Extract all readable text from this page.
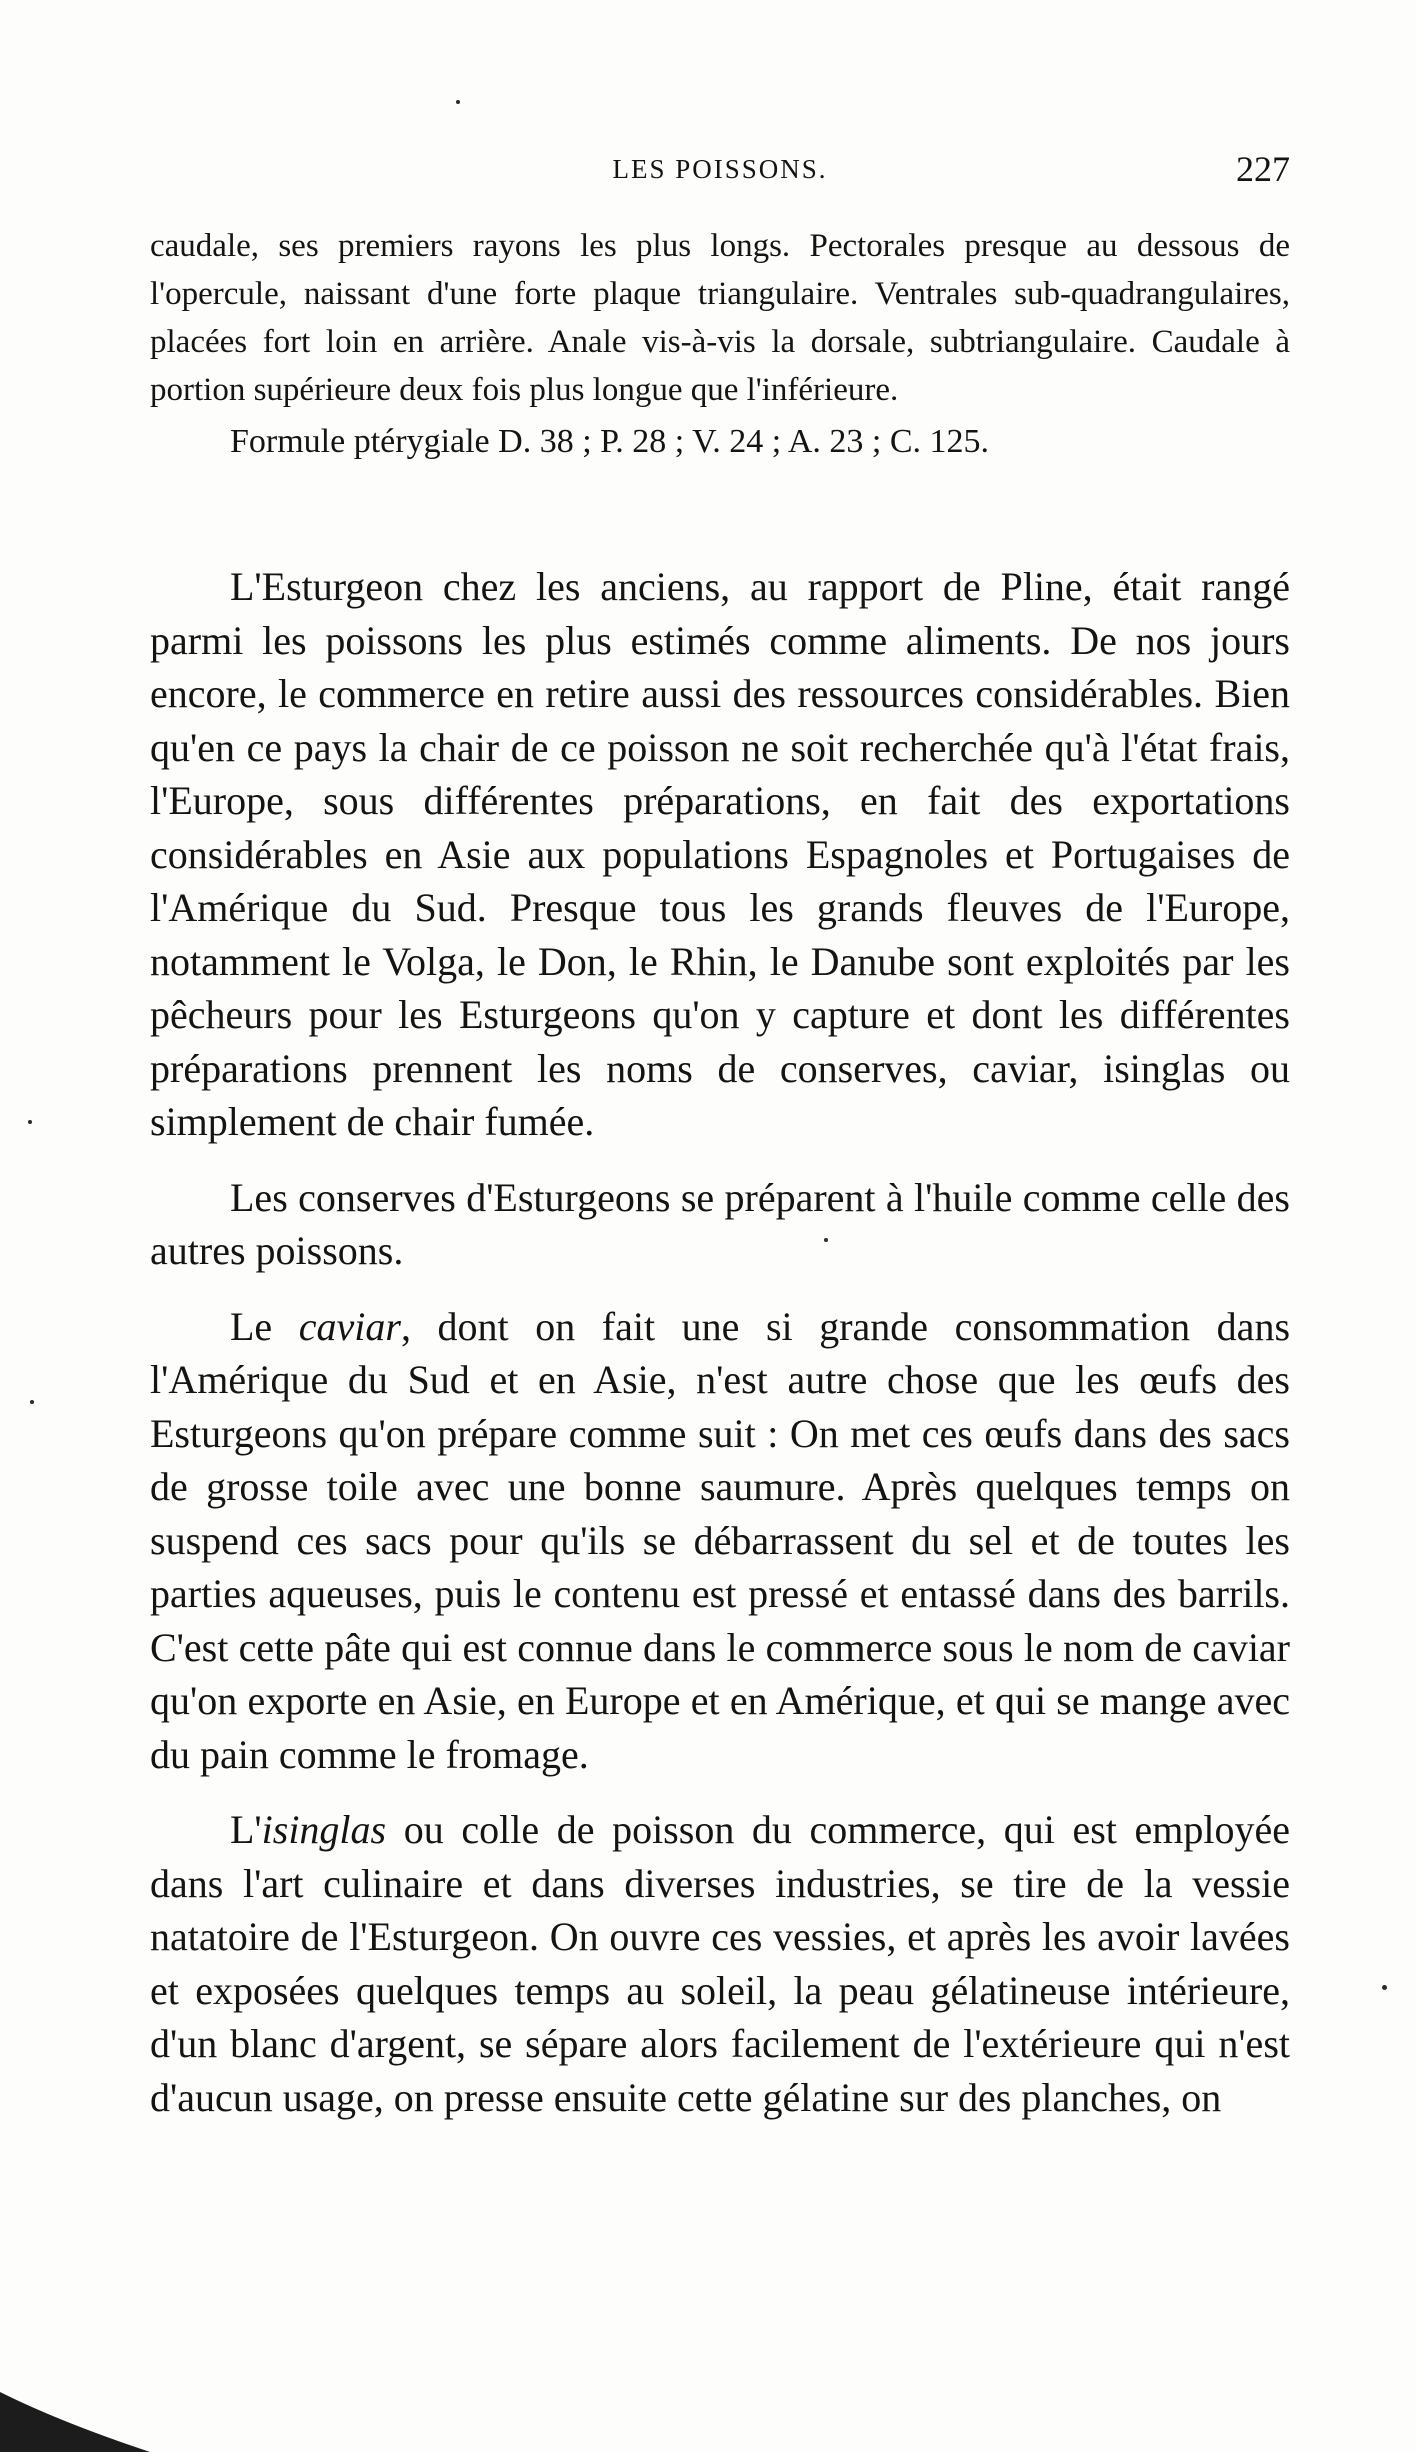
LES POISSONS.	227

caudale, ses premiers rayons les plus longs. Pectorales presque au dessous de l'opercule, naissant d'une forte plaque triangulaire. Ventrales sub-quadrangulaires, placées fort loin en arrière. Anale vis-à-vis la dorsale, subtriangulaire. Caudale à portion supérieure deux fois plus longue que l'inférieure.

Formule ptérygiale D. 38 ; P. 28 ; V. 24 ; A. 23 ; C. 125.

L'Esturgeon chez les anciens, au rapport de Pline, était rangé parmi les poissons les plus estimés comme aliments. De nos jours encore, le commerce en retire aussi des ressources considérables. Bien qu'en ce pays la chair de ce poisson ne soit recherchée qu'à l'état frais, l'Europe, sous différentes préparations, en fait des exportations considérables en Asie aux populations Espagnoles et Portugaises de l'Amérique du Sud. Presque tous les grands fleuves de l'Europe, notamment le Volga, le Don, le Rhin, le Danube sont exploités par les pêcheurs pour les Esturgeons qu'on y capture et dont les différentes préparations prennent les noms de conserves, caviar, isinglas ou simplement de chair fumée.

Les conserves d'Esturgeons se préparent à l'huile comme celle des autres poissons.

Le caviar, dont on fait une si grande consommation dans l'Amérique du Sud et en Asie, n'est autre chose que les œufs des Esturgeons qu'on prépare comme suit : On met ces œufs dans des sacs de grosse toile avec une bonne saumure. Après quelques temps on suspend ces sacs pour qu'ils se débarrassent du sel et de toutes les parties aqueuses, puis le contenu est pressé et entassé dans des barrils. C'est cette pâte qui est connue dans le commerce sous le nom de caviar qu'on exporte en Asie, en Europe et en Amérique, et qui se mange avec du pain comme le fromage.

L'isinglas ou colle de poisson du commerce, qui est employée dans l'art culinaire et dans diverses industries, se tire de la vessie natatoire de l'Esturgeon. On ouvre ces vessies, et après les avoir lavées et exposées quelques temps au soleil, la peau gélatineuse intérieure, d'un blanc d'argent, se sépare alors facilement de l'extérieure qui n'est d'aucun usage, on presse ensuite cette gélatine sur des planches, on
